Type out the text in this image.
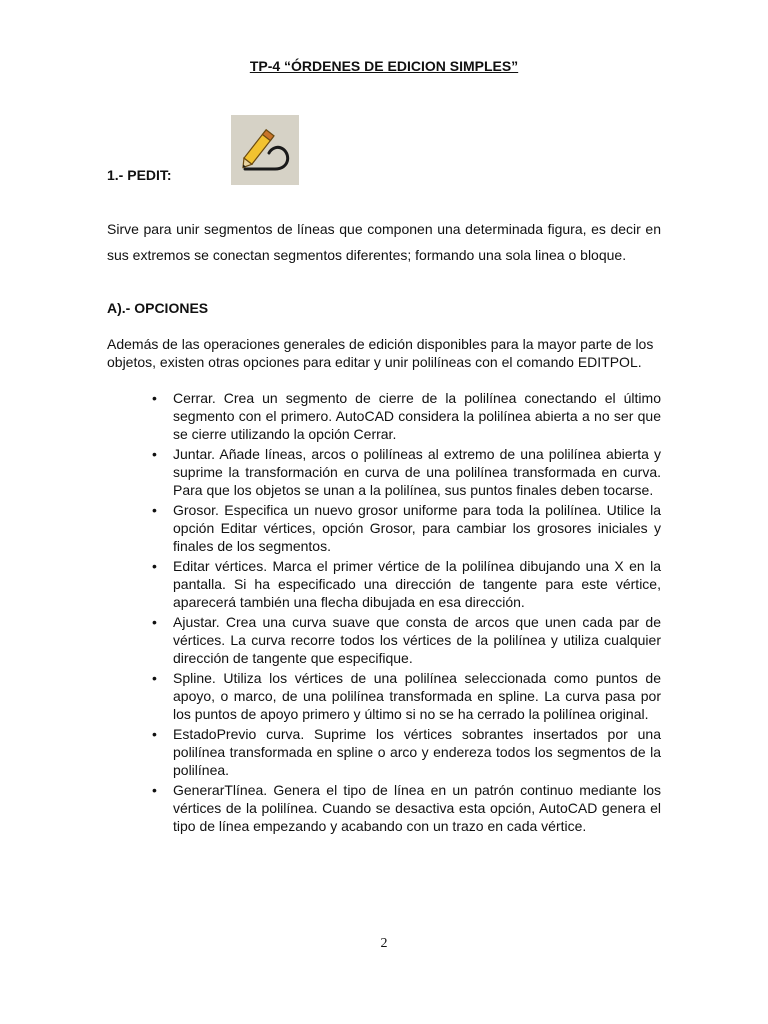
TP-4 “ÓRDENES DE EDICION SIMPLES”
1.- PEDIT:
Sirve para unir segmentos de líneas que componen una determinada figura, es decir en sus extremos se conectan segmentos diferentes; formando una sola linea o bloque.
A).- OPCIONES
Además de las operaciones generales de edición disponibles para la mayor parte de los objetos, existen otras opciones para editar y unir polilíneas con el comando EDITPOL.
• Cerrar. Crea un segmento de cierre de la polilínea conectando el último segmento con el primero. AutoCAD considera la polilínea abierta a no ser que se cierre utilizando la opción Cerrar.
• Juntar. Añade líneas, arcos o polilíneas al extremo de una polilínea abierta y suprime la transformación en curva de una polilínea transformada en curva. Para que los objetos se unan a la polilínea, sus puntos finales deben tocarse.
• Grosor. Especifica un nuevo grosor uniforme para toda la polilínea. Utilice la opción Editar vértices, opción Grosor, para cambiar los grosores iniciales y finales de los segmentos.
• Editar vértices. Marca el primer vértice de la polilínea dibujando una X en la pantalla. Si ha especificado una dirección de tangente para este vértice, aparecerá también una flecha dibujada en esa dirección.
• Ajustar. Crea una curva suave que consta de arcos que unen cada par de vértices. La curva recorre todos los vértices de la polilínea y utiliza cualquier dirección de tangente que especifique.
• Spline. Utiliza los vértices de una polilínea seleccionada como puntos de apoyo, o marco, de una polilínea transformada en spline. La curva pasa por los puntos de apoyo primero y último si no se ha cerrado la polilínea original.
• EstadoPrevio curva. Suprime los vértices sobrantes insertados por una polilínea transformada en spline o arco y endereza todos los segmentos de la polilínea.
• GenerarTlínea. Genera el tipo de línea en un patrón continuo mediante los vértices de la polilínea. Cuando se desactiva esta opción, AutoCAD genera el tipo de línea empezando y acabando con un trazo en cada vértice.
2
